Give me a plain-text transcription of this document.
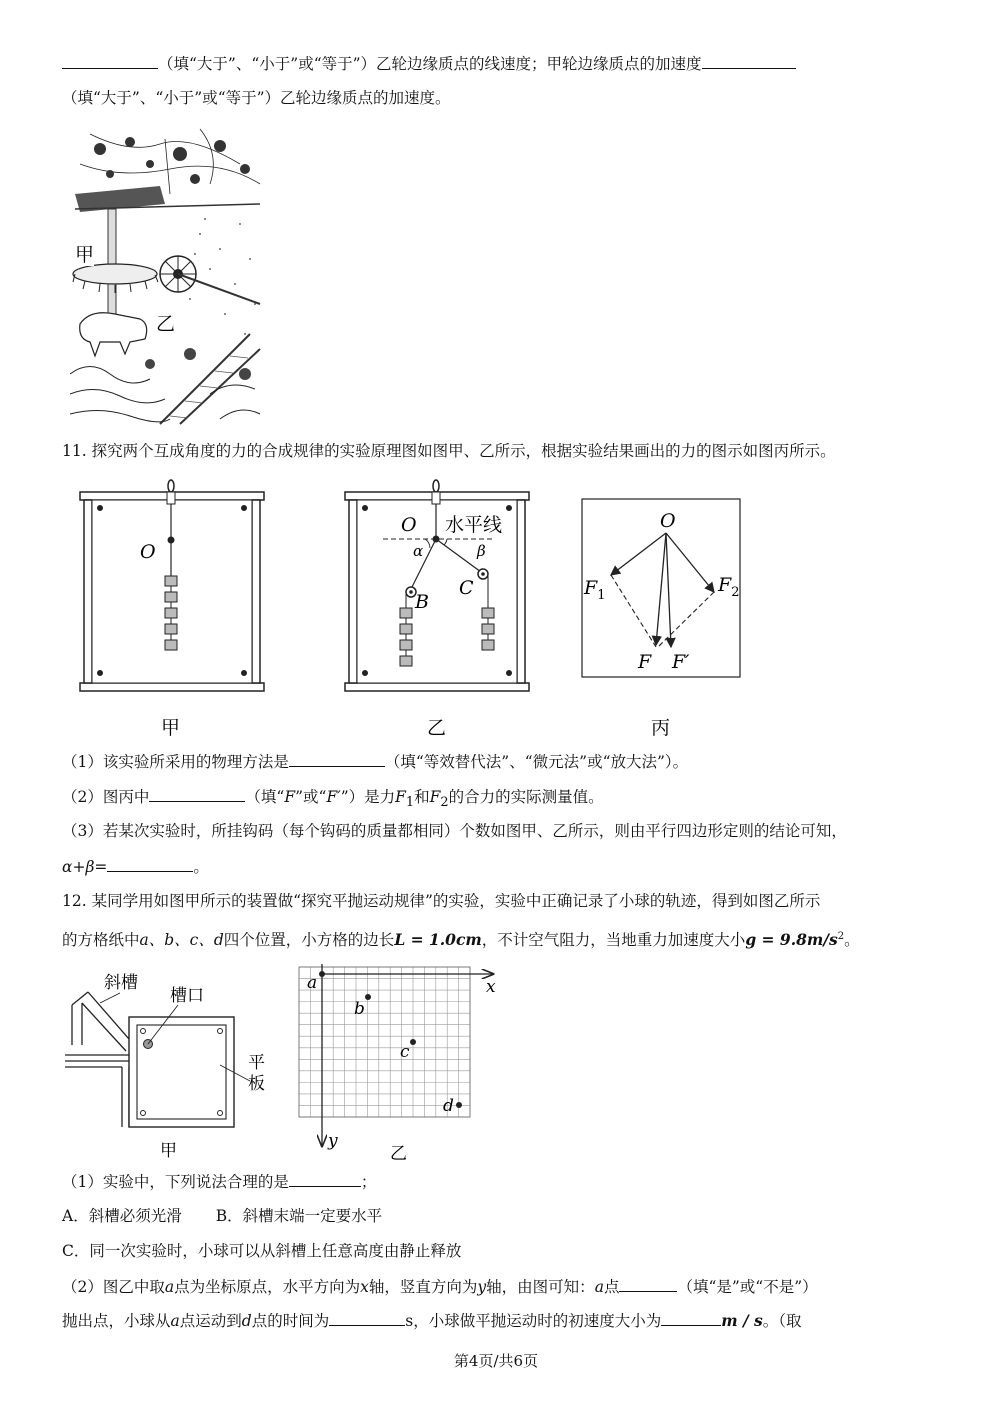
（填“大于”、“小于”或“等于”）乙轮边缘质点的线速度；甲轮边缘质点的加速度
（填“大于”、“小于”或“等于”）乙轮边缘质点的加速度。
甲
乙
11. 探究两个互成角度的力的合成规律的实验原理图如图甲、乙所示，根据实验结果画出的力的图示如图丙所示。
O
甲
O 水平线
α	β
B
C
乙
O
$F_1$	$F_2$
F F′
丙
（1）该实验所采用的物理方法是	（填“等效替代法”、“微元法”或“放大法”）。
（2）图丙中	（填“F”或“F′”）是力$F_1$和$F_2$的合力的实际测量值。
（3）若某次实验时，所挂钩码（每个钩码的质量都相同）个数如图甲、乙所示，则由平行四边形定则的结论可知，
α+β=	。
12. 某同学用如图甲所示的装置做“探究平抛运动规律”的实验，实验中正确记录了小球的轨迹，得到如图乙所示
的方格纸中a、b、c、d四个位置，小方格的边长L = 1.0cm，不计空气阻力，当地重力加速度大小$g = 9.8m/s^2$。
斜槽
槽口
平
板
甲
a
b
c
d
x
y
乙
（1）实验中，下列说法合理的是	；
A．斜槽必须光滑 B．斜槽末端一定要水平
C．同一次实验时，小球可以从斜槽上任意高度由静止释放
（2）图乙中取a点为坐标原点，水平方向为x轴，竖直方向为y轴，由图可知：a点	（填“是”或“不是”）
抛出点，小球从a点运动到d点的时间为	s，小球做平抛运动时的初速度大小为	m / s。（取
第4页/共6页
